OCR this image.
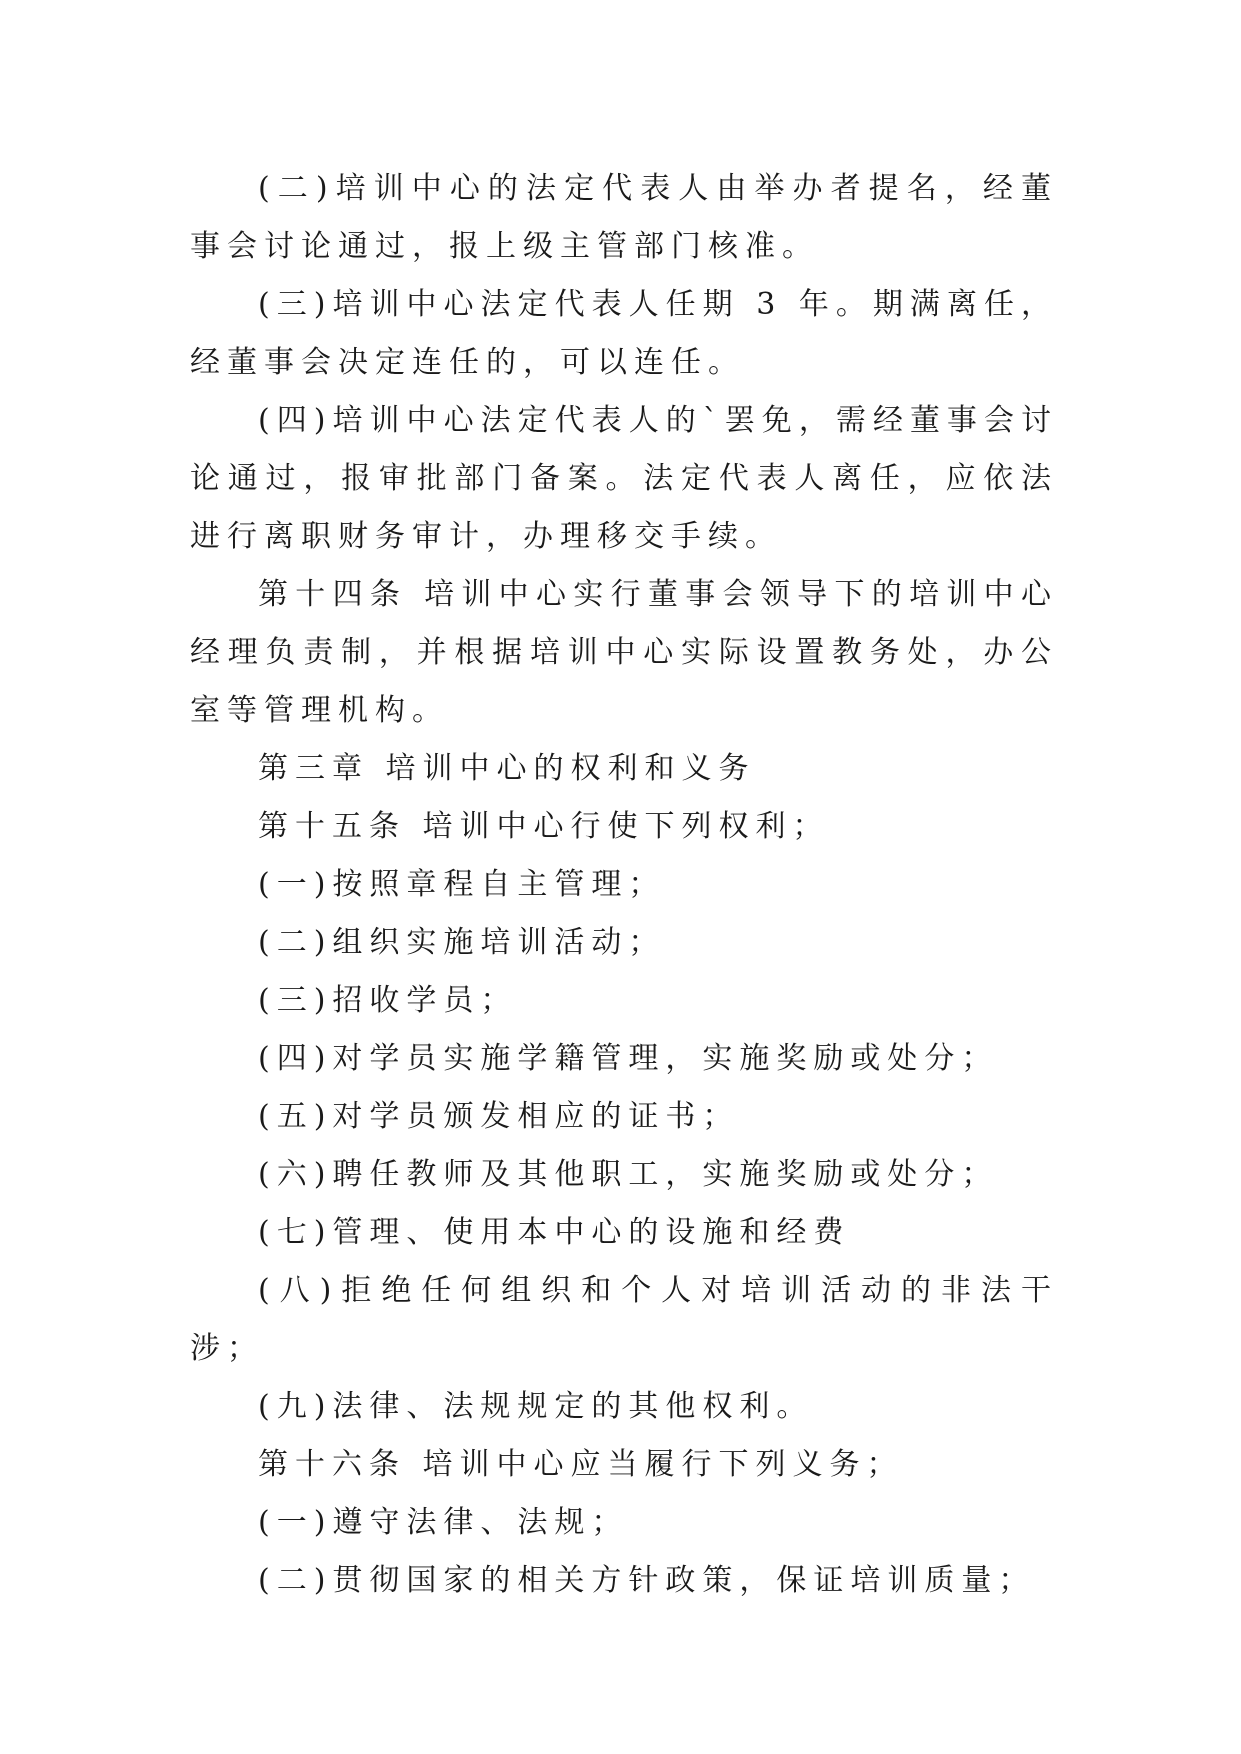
(二)培训中心的法定代表人由举办者提名，经董事会讨论通过，报上级主管部门核准。

(三)培训中心法定代表人任期 3 年。期满离任，经董事会决定连任的，可以连任。

(四)培训中心法定代表人的`罢免，需经董事会讨论通过，报审批部门备案。法定代表人离任，应依法进行离职财务审计，办理移交手续。

第十四条 培训中心实行董事会领导下的培训中心经理负责制，并根据培训中心实际设置教务处，办公室等管理机构。

第三章 培训中心的权利和义务

第十五条 培训中心行使下列权利；

(一)按照章程自主管理；

(二)组织实施培训活动；

(三)招收学员；

(四)对学员实施学籍管理，实施奖励或处分；

(五)对学员颁发相应的证书；

(六)聘任教师及其他职工，实施奖励或处分；

(七)管理、使用本中心的设施和经费

(八)拒绝任何组织和个人对培训活动的非法干涉；

(九)法律、法规规定的其他权利。

第十六条 培训中心应当履行下列义务；

(一)遵守法律、法规；

(二)贯彻国家的相关方针政策，保证培训质量；
